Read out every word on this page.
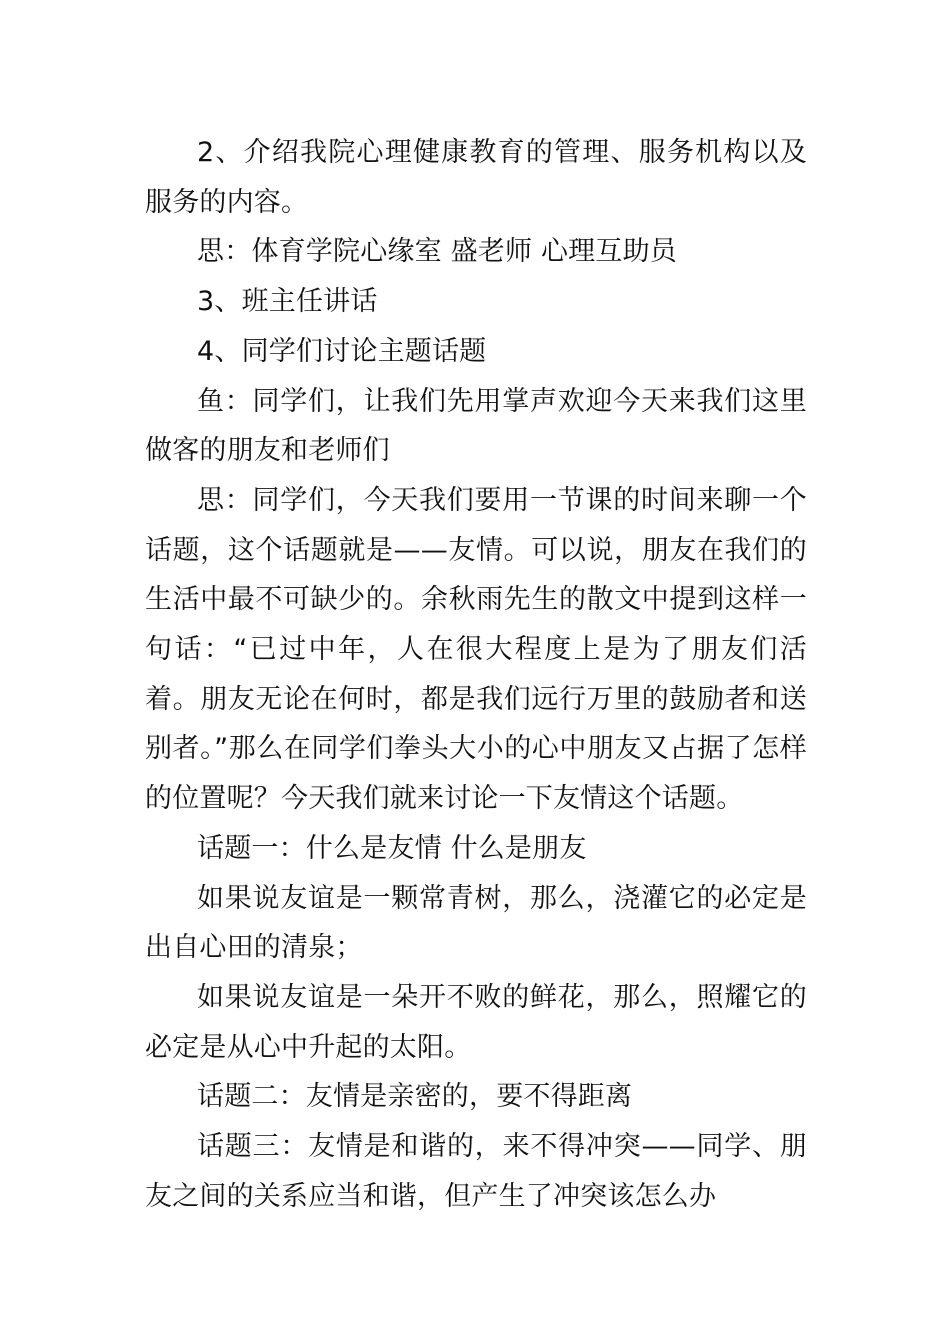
2、介绍我院心理健康教育的管理、服务机构以及服务的内容。

思：体育学院心缘室 盛老师 心理互助员

3、班主任讲话

4、同学们讨论主题话题

鱼：同学们，让我们先用掌声欢迎今天来我们这里做客的朋友和老师们

思：同学们，今天我们要用一节课的时间来聊一个话题，这个话题就是——友情。可以说，朋友在我们的生活中最不可缺少的。余秋雨先生的散文中提到这样一句话：“已过中年，人在很大程度上是为了朋友们活着。朋友无论在何时，都是我们远行万里的鼓励者和送别者。”那么在同学们拳头大小的心中朋友又占据了怎样的位置呢？今天我们就来讨论一下友情这个话题。

话题一：什么是友情 什么是朋友

如果说友谊是一颗常青树，那么，浇灌它的必定是出自心田的清泉；

如果说友谊是一朵开不败的鲜花，那么，照耀它的必定是从心中升起的太阳。

话题二：友情是亲密的，要不得距离

话题三：友情是和谐的，来不得冲突——同学、朋友之间的关系应当和谐，但产生了冲突该怎么办
